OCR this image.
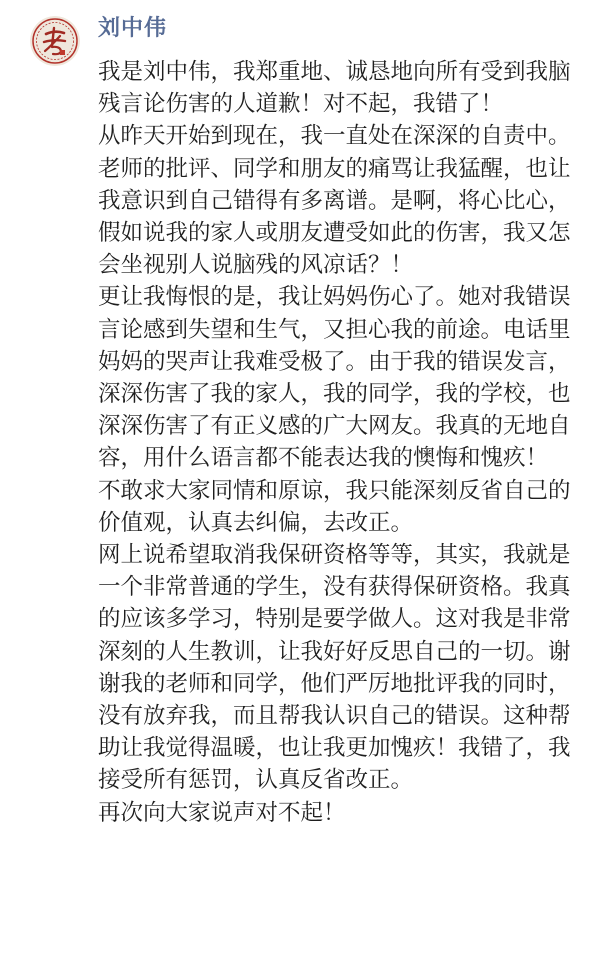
刘中伟
我是刘中伟，我郑重地、诚恳地向所有受到我脑残言论伤害的人道歉！对不起，我错了！
从昨天开始到现在，我一直处在深深的自责中。老师的批评、同学和朋友的痛骂让我猛醒，也让我意识到自己错得有多离谱。是啊，将心比心，假如说我的家人或朋友遭受如此的伤害，我又怎会坐视别人说脑残的风凉话？！
更让我悔恨的是，我让妈妈伤心了。她对我错误言论感到失望和生气，又担心我的前途。电话里妈妈的哭声让我难受极了。由于我的错误发言，深深伤害了我的家人，我的同学，我的学校，也深深伤害了有正义感的广大网友。我真的无地自容，用什么语言都不能表达我的懊悔和愧疚！
不敢求大家同情和原谅，我只能深刻反省自己的价值观，认真去纠偏，去改正。
网上说希望取消我保研资格等等，其实，我就是一个非常普通的学生，没有获得保研资格。我真的应该多学习，特别是要学做人。这对我是非常深刻的人生教训，让我好好反思自己的一切。谢谢我的老师和同学，他们严厉地批评我的同时，没有放弃我，而且帮我认识自己的错误。这种帮助让我觉得温暖，也让我更加愧疚！我错了，我接受所有惩罚，认真反省改正。
再次向大家说声对不起！
